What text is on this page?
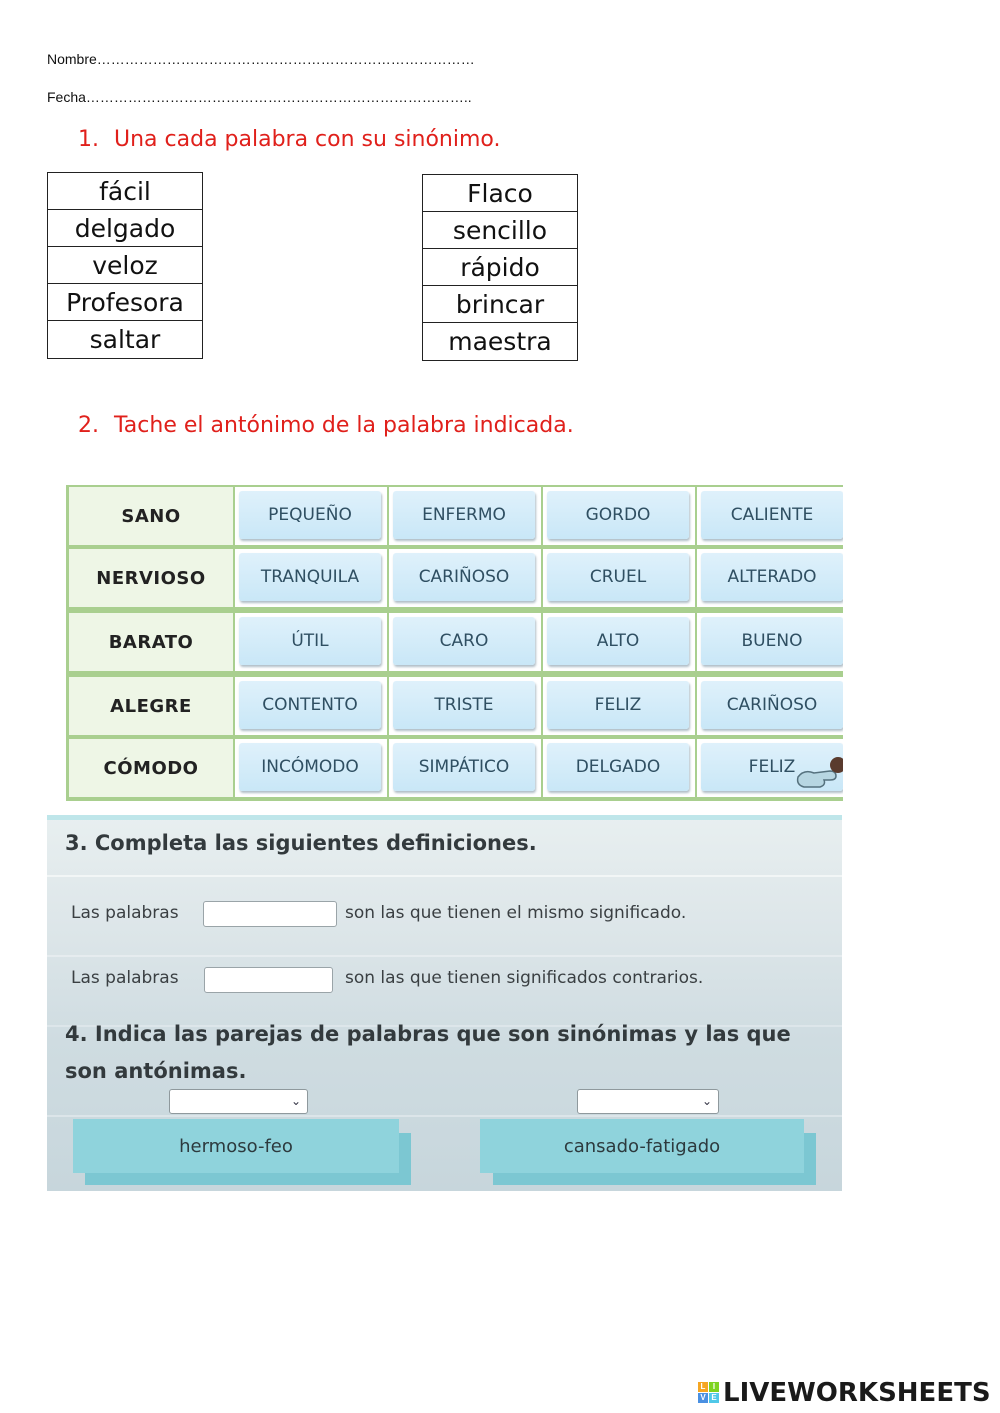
Nombre………………………………………………………………………
Fecha………………………………………………………………………..
1. Una cada palabra con su sinónimo.
fácil
delgado
veloz
Profesora
saltar
Flaco
sencillo
rápido
brincar
maestra
2. Tache el antónimo de la palabra indicada.
SANO	PEQUEÑO	ENFERMO	GORDO	CALIENTE
NERVIOSO	TRANQUILA	CARIÑOSO	CRUEL	ALTERADO
BARATO	ÚTIL	CARO	ALTO	BUENO
ALEGRE	CONTENTO	TRISTE	FELIZ	CARIÑOSO
CÓMODO	INCÓMODO	SIMPÁTICO	DELGADO	FELIZ
3. Completa las siguientes definiciones.
Las palabras	son las que tienen el mismo significado.
Las palabras	son las que tienen significados contrarios.
4. Indica las parejas de palabras que son sinónimas y las que
son antónimas.
⌄	⌄
hermoso-feo	cansado-fatigado
L I
V E LIVEWORKSHEETS
